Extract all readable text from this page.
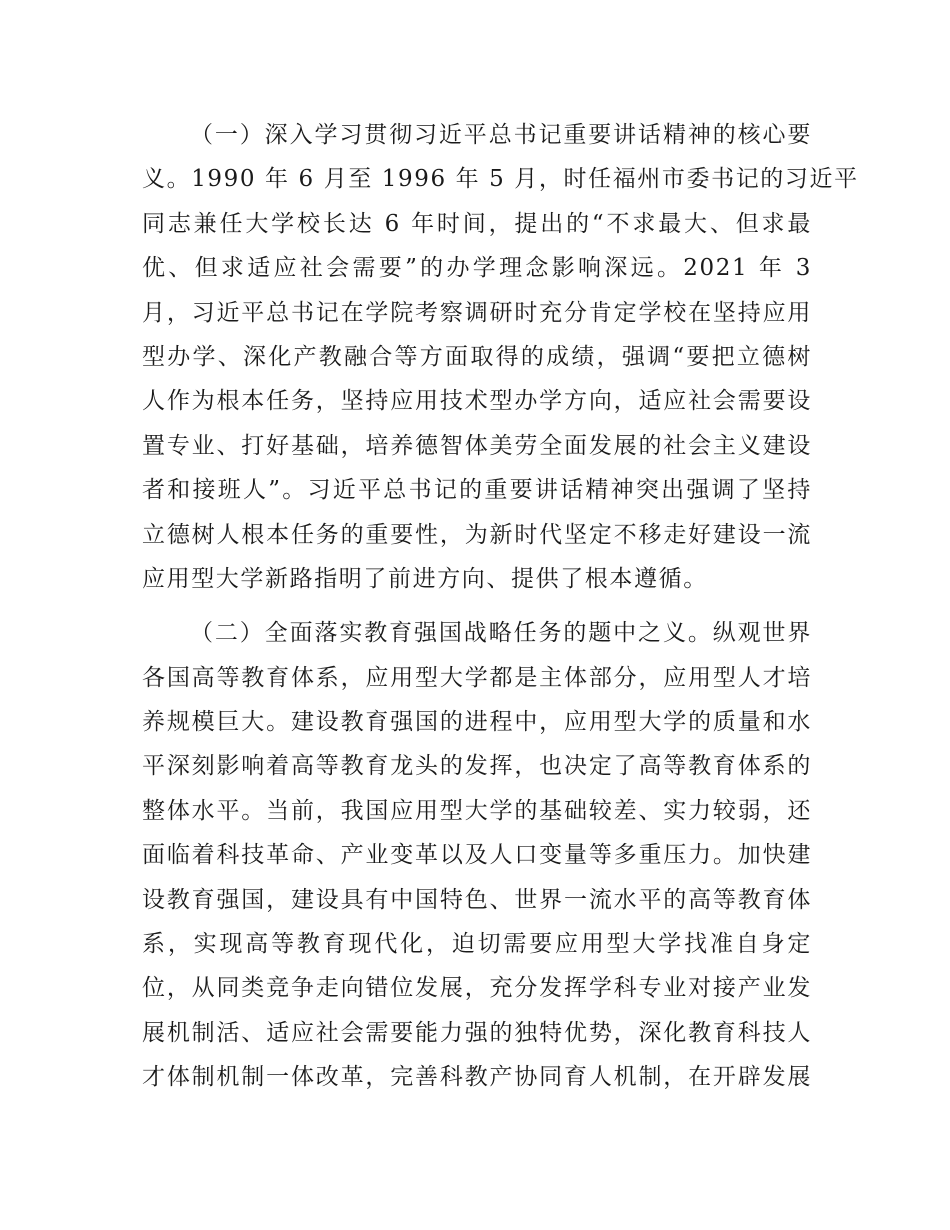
（一）深入学习贯彻习近平总书记重要讲话精神的核心要
义。1990 年 6 月至 1996 年 5 月，时任福州市委书记的习近平
同志兼任大学校长达 6 年时间，提出的“不求最大、但求最
优、但求适应社会需要”的办学理念影响深远。2021 年 3
月，习近平总书记在学院考察调研时充分肯定学校在坚持应用
型办学、深化产教融合等方面取得的成绩，强调“要把立德树
人作为根本任务，坚持应用技术型办学方向，适应社会需要设
置专业、打好基础，培养德智体美劳全面发展的社会主义建设
者和接班人”。习近平总书记的重要讲话精神突出强调了坚持
立德树人根本任务的重要性，为新时代坚定不移走好建设一流
应用型大学新路指明了前进方向、提供了根本遵循。
（二）全面落实教育强国战略任务的题中之义。纵观世界
各国高等教育体系，应用型大学都是主体部分，应用型人才培
养规模巨大。建设教育强国的进程中，应用型大学的质量和水
平深刻影响着高等教育龙头的发挥，也决定了高等教育体系的
整体水平。当前，我国应用型大学的基础较差、实力较弱，还
面临着科技革命、产业变革以及人口变量等多重压力。加快建
设教育强国，建设具有中国特色、世界一流水平的高等教育体
系，实现高等教育现代化，迫切需要应用型大学找准自身定
位，从同类竞争走向错位发展，充分发挥学科专业对接产业发
展机制活、适应社会需要能力强的独特优势，深化教育科技人
才体制机制一体改革，完善科教产协同育人机制，在开辟发展
